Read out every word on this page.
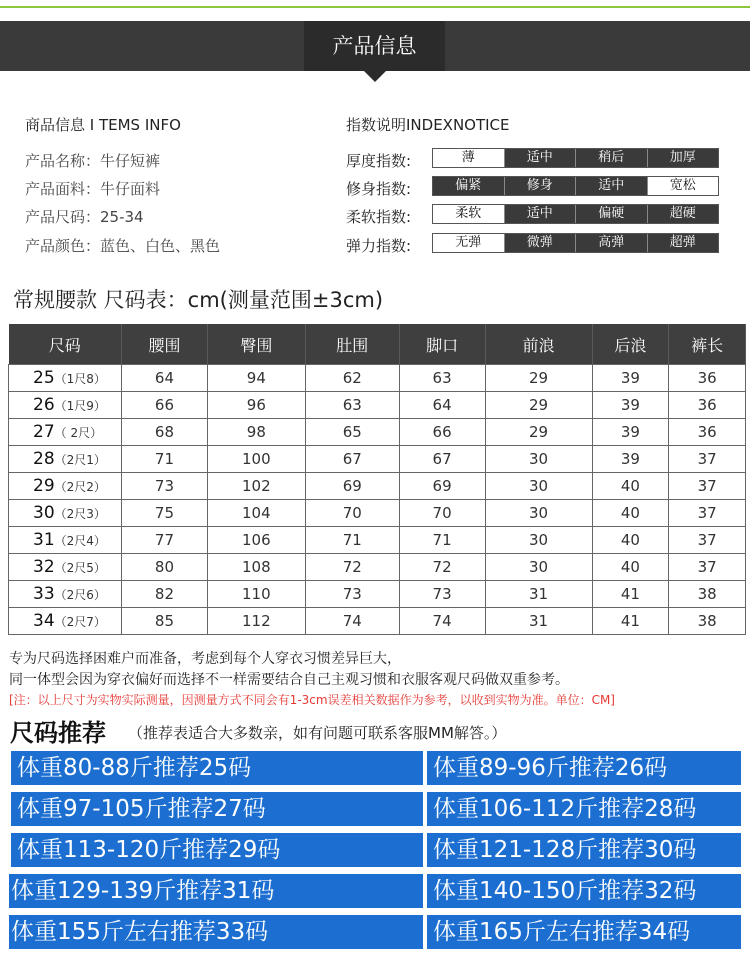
产品信息
商品信息 I TEMS INFO
产品名称：牛仔短裤
产品面料：牛仔面料
产品尺码：25-34
产品颜色：蓝色、白色、黑色
指数说明INDEXNOTICE
厚度指数:	薄	适中	稍后	加厚
修身指数:	偏紧	修身	适中	宽松
柔软指数:	柔软	适中	偏硬	超硬
弹力指数:	无弹	微弹	高弹	超弹
常规腰款 尺码表：cm(测量范围±3cm)
尺码	腰围	臀围	肚围	脚口	前浪	后浪	裤长
25（1尺8）	64	94	62	63	29	39	36
26（1尺9）	66	96	63	64	29	39	36
27（ 2尺）	68	98	65	66	29	39	36
28（2尺1）	71	100	67	67	30	39	37
29（2尺2）	73	102	69	69	30	40	37
30（2尺3）	75	104	70	70	30	40	37
31（2尺4）	77	106	71	71	30	40	37
32（2尺5）	80	108	72	72	30	40	37
33（2尺6）	82	110	73	73	31	41	38
34（2尺7）	85	112	74	74	31	41	38
专为尺码选择困难户而准备，考虑到每个人穿衣习惯差异巨大，
同一体型会因为穿衣偏好而选择不一样需要结合自己主观习惯和衣服客观尺码做双重参考。
[注：以上尺寸为实物实际测量，因测量方式不同会有1-3cm误差相关数据作为参考，以收到实物为准。单位：CM]
尺码推荐 （推荐表适合大多数亲，如有问题可联系客服MM解答。）
体重80-88斤推荐25码	体重89-96斤推荐26码
体重97-105斤推荐27码	体重106-112斤推荐28码
体重113-120斤推荐29码	体重121-128斤推荐30码
体重129-139斤推荐31码	体重140-150斤推荐32码
体重155斤左右推荐33码	体重165斤左右推荐34码
